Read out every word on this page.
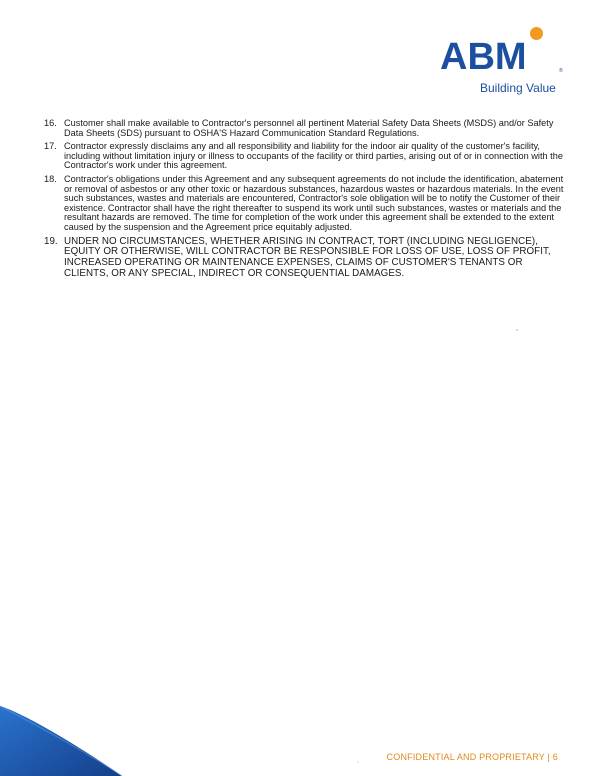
ABM	®
Building Value
16. Customer shall make available to Contractor's personnel all pertinent Material Safety Data Sheets (MSDS) and/or Safety Data Sheets (SDS) pursuant to OSHA'S Hazard Communication Standard Regulations.
17. Contractor expressly disclaims any and all responsibility and liability for the indoor air quality of the customer's facility, including without limitation injury or illness to occupants of the facility or third parties, arising out of or in connection with the Contractor's work under this agreement.
18. Contractor's obligations under this Agreement and any subsequent agreements do not include the identification, abatement or removal of asbestos or any other toxic or hazardous substances, hazardous wastes or hazardous materials. In the event such substances, wastes and materials are encountered, Contractor's sole obligation will be to notify the Customer of their existence. Contractor shall have the right thereafter to suspend its work until such substances, wastes or materials and the resultant hazards are removed. The time for completion of the work under this agreement shall be extended to the extent caused by the suspension and the Agreement price equitably adjusted.
19. UNDER NO CIRCUMSTANCES, WHETHER ARISING IN CONTRACT, TORT (INCLUDING NEGLIGENCE), EQUITY OR OTHERWISE, WILL CONTRACTOR BE RESPONSIBLE FOR LOSS OF USE, LOSS OF PROFIT, INCREASED OPERATING OR MAINTENANCE EXPENSES, CLAIMS OF CUSTOMER'S TENANTS OR CLIENTS, OR ANY SPECIAL, INDIRECT OR CONSEQUENTIAL DAMAGES.
CONFIDENTIAL AND PROPRIETARY | 6
